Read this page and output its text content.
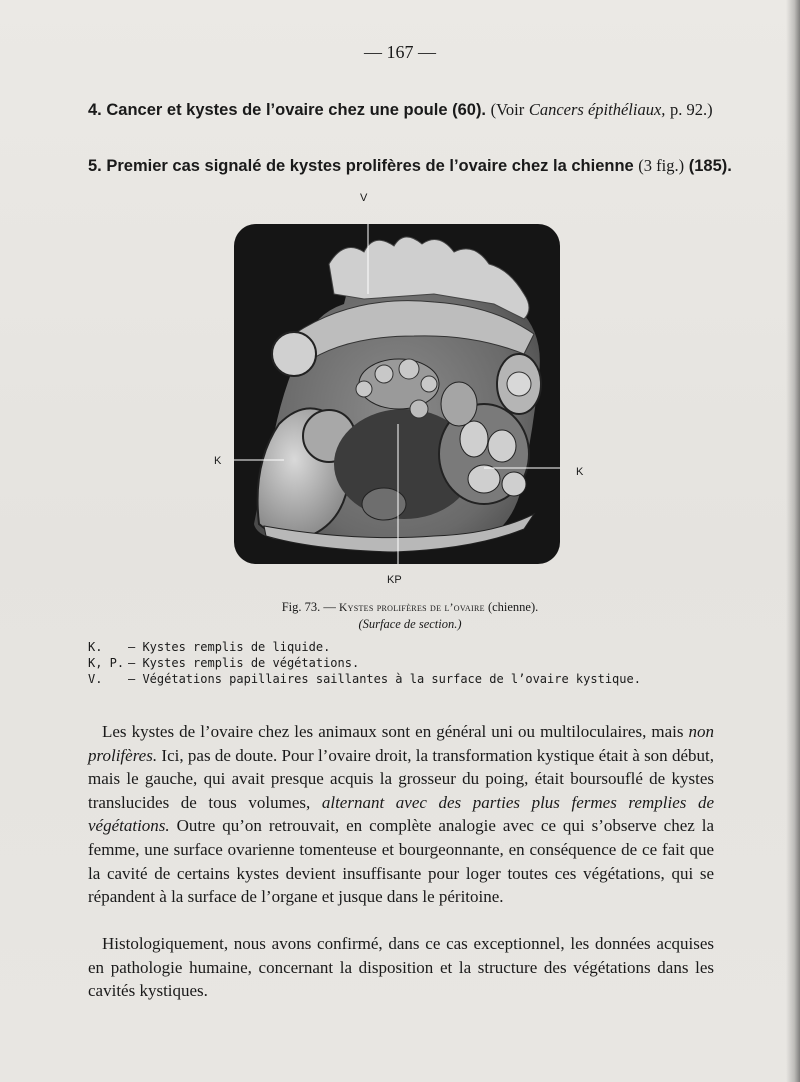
— 167 —
4. Cancer et kystes de l’ovaire chez une poule (60). (Voir Cancers épithéliaux, p. 92.)
5. Premier cas signalé de kystes prolifères de l’ovaire chez la chienne (3 fig.) (185).
V
K
K
KP
Fig. 73. — Kystes prolifères de l’ovaire (chienne).
(Surface de section.)
K. — Kystes remplis de liquide.
K, P. — Kystes remplis de végétations.
V. — Végétations papillaires saillantes à la surface de l’ovaire kystique.

Les kystes de l’ovaire chez les animaux sont en général uni ou multiloculaires, mais non prolifères. Ici, pas de doute. Pour l’ovaire droit, la transformation kystique était à son début, mais le gauche, qui avait presque acquis la grosseur du poing, était boursouflé de kystes translucides de tous volumes, alternant avec des parties plus fermes remplies de végétations. Outre qu’on retrouvait, en complète analogie avec ce qui s’observe chez la femme, une surface ovarienne tomenteuse et bourgeonnante, en conséquence de ce fait que la cavité de certains kystes devient insuffisante pour loger toutes ces végétations, qui se répandent à la surface de l’organe et jusque dans le péritoine.

Histologiquement, nous avons confirmé, dans ce cas exceptionnel, les données acquises en pathologie humaine, concernant la disposition et la structure des végétations dans les cavités kystiques.
